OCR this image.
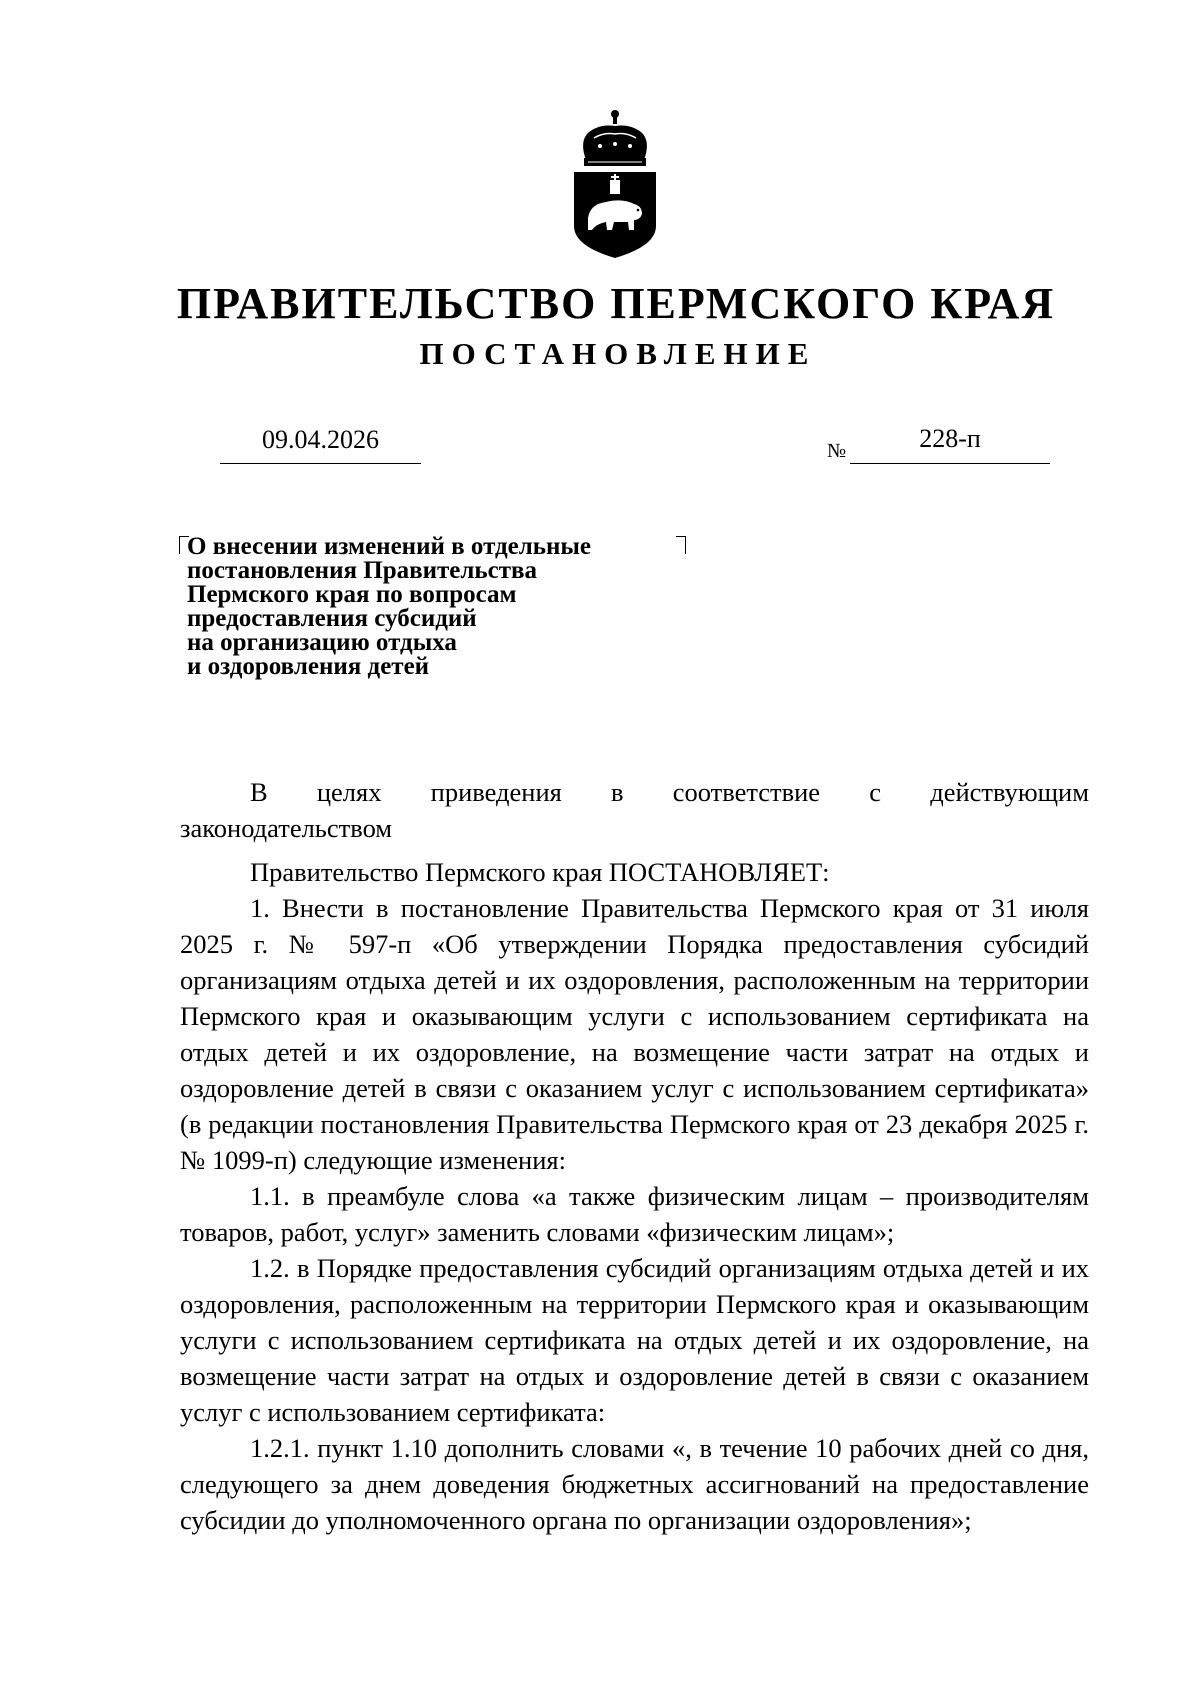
ПРАВИТЕЛЬСТВО ПЕРМСКОГО КРАЯ
ПОСТАНОВЛЕНИЕ
09.04.2026	№	228-п
О внесении изменений в отдельные
постановления Правительства
Пермского края по вопросам
предоставления субсидий
на организацию отдыха
и оздоровления детей

В целях приведения в соответствие с действующим

законодательством

Правительство Пермского края ПОСТАНОВЛЯЕТ:

1. Внести в постановление Правительства Пермского края от 31 июля 2025 г. № 597-п «Об утверждении Порядка предоставления субсидий организациям отдыха детей и их оздоровления, расположенным на территории Пермского края и оказывающим услуги с использованием сертификата на отдых детей и их оздоровление, на возмещение части затрат на отдых и оздоровление детей в связи с оказанием услуг с использованием сертификата» (в редакции постановления Правительства Пермского края от 23 декабря 2025 г. № 1099-п) следующие изменения:

1.1. в преамбуле слова «а также физическим лицам – производителям товаров, работ, услуг» заменить словами «физическим лицам»;

1.2. в Порядке предоставления субсидий организациям отдыха детей и их оздоровления, расположенным на территории Пермского края и оказывающим услуги с использованием сертификата на отдых детей и их оздоровление, на возмещение части затрат на отдых и оздоровление детей в связи с оказанием услуг с использованием сертификата:

1.2.1. пункт 1.10 дополнить словами «, в течение 10 рабочих дней со дня, следующего за днем доведения бюджетных ассигнований на предоставление субсидии до уполномоченного органа по организации оздоровления»;
